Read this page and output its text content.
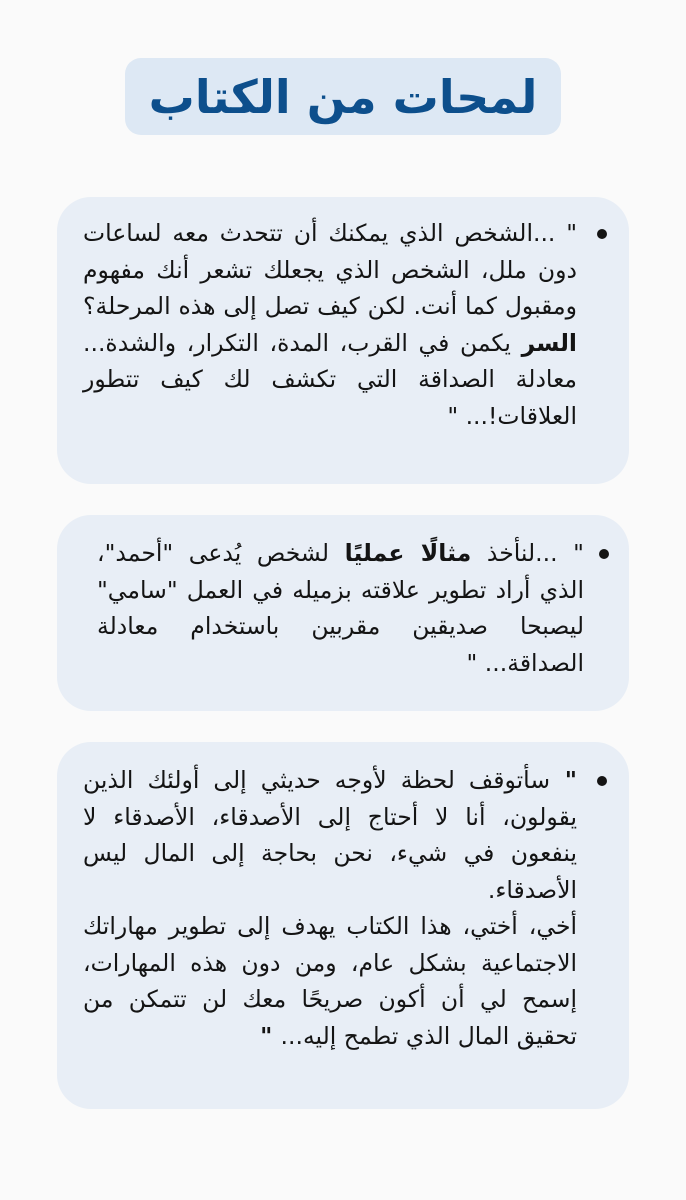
لمحات من الكتاب
" ...الشخص الذي يمكنك أن تتحدث معه لساعات دون ملل، الشخص الذي يجعلك تشعر أنك مفهوم ومقبول كما أنت. لكن كيف تصل إلى هذه المرحلة؟ السر يكمن في القرب، المدة، التكرار، والشدة... معادلة الصداقة التي تكشف لك كيف تتطور العلاقات!... "
" ...لنأخذ مثالًا عمليًا لشخص يُدعى "أحمد"، الذي أراد تطوير علاقته بزميله في العمل "سامي" ليصبحا صديقين مقربين باستخدام معادلة الصداقة... "
" سأتوقف لحظة لأوجه حديثي إلى أولئك الذين يقولون، أنا لا أحتاج إلى الأصدقاء، الأصدقاء لا ينفعون في شيء، نحن بحاجة إلى المال ليس الأصدقاء.
أخي، أختي، هذا الكتاب يهدف إلى تطوير مهاراتك الاجتماعية بشكل عام، ومن دون هذه المهارات، إسمح لي أن أكون صريحًا معك لن تتمكن من تحقيق المال الذي تطمح إليه... "
